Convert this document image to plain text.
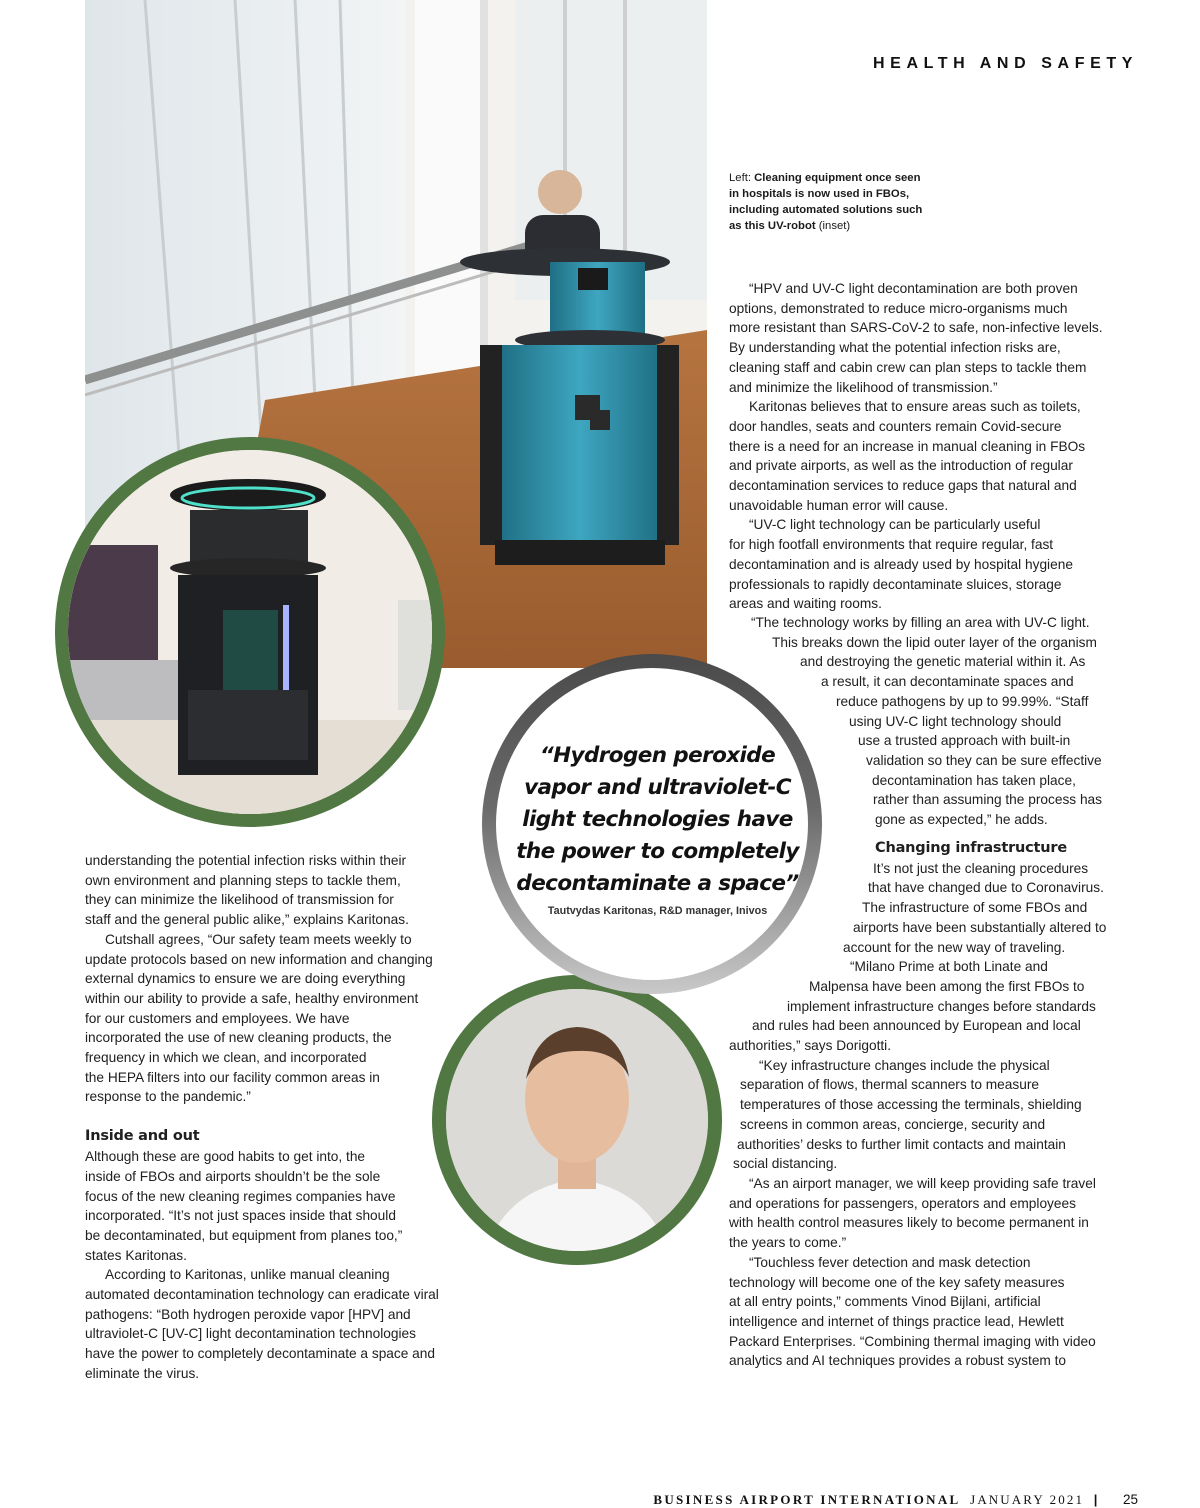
HEALTH AND SAFETY
Left: Cleaning equipment once seen
in hospitals is now used in FBOs,
including automated solutions such
as this UV-robot (inset)
“Hydrogen peroxide
vapor and ultraviolet-C
light technologies have
the power to completely
decontaminate a space”
Tautvydas Karitonas, R&D manager, Inivos

understanding the potential infection risks within their
own environment and planning steps to tackle them,
they can minimize the likelihood of transmission for
staff and the general public alike,” explains Karitonas.

Cutshall agrees, “Our safety team meets weekly to
update protocols based on new information and changing
external dynamics to ensure we are doing everything
within our ability to provide a safe, healthy environment
for our customers and employees. We have
incorporated the use of new cleaning products, the
frequency in which we clean, and incorporated
the HEPA filters into our facility common areas in
response to the pandemic.”

Inside and out

Although these are good habits to get into, the
inside of FBOs and airports shouldn’t be the sole
focus of the new cleaning regimes companies have
incorporated. “It’s not just spaces inside that should
be decontaminated, but equipment from planes too,”
states Karitonas.

According to Karitonas, unlike manual cleaning
automated decontamination technology can eradicate viral
pathogens: “Both hydrogen peroxide vapor [HPV] and
ultraviolet-C [UV-C] light decontamination technologies
have the power to completely decontaminate a space and
eliminate the virus.

“HPV and UV-C light decontamination are both proven
options, demonstrated to reduce micro-organisms much
more resistant than SARS-CoV-2 to safe, non-infective levels.
By understanding what the potential infection risks are,
cleaning staff and cabin crew can plan steps to tackle them
and minimize the likelihood of transmission.”

Karitonas believes that to ensure areas such as toilets,
door handles, seats and counters remain Covid-secure
there is a need for an increase in manual cleaning in FBOs
and private airports, as well as the introduction of regular
decontamination services to reduce gaps that natural and
unavoidable human error will cause.

“UV-C light technology can be particularly useful
for high footfall environments that require regular, fast
decontamination and is already used by hospital hygiene
professionals to rapidly decontaminate sluices, storage
areas and waiting rooms.

“The technology works by filling an area with UV-C light.
This breaks down the lipid outer layer of the organism
and destroying the genetic material within it. As
a result, it can decontaminate spaces and
reduce pathogens by up to 99.99%. “Staff
using UV-C light technology should
use a trusted approach with built-in
validation so they can be sure effective
decontamination has taken place,
rather than assuming the process has
gone as expected,” he adds.

Changing infrastructure

It’s not just the cleaning procedures
that have changed due to Coronavirus.
The infrastructure of some FBOs and
airports have been substantially altered to
account for the new way of traveling.

“Milano Prime at both Linate and
Malpensa have been among the first FBOs to
implement infrastructure changes before standards
and rules had been announced by European and local
authorities,” says Dorigotti.

“Key infrastructure changes include the physical
separation of flows, thermal scanners to measure
temperatures of those accessing the terminals, shielding
screens in common areas, concierge, security and
authorities’ desks to further limit contacts and maintain
social distancing.

“As an airport manager, we will keep providing safe travel
and operations for passengers, operators and employees
with health control measures likely to become permanent in
the years to come.”

“Touchless fever detection and mask detection
technology will become one of the key safety measures
at all entry points,” comments Vinod Bijlani, artificial
intelligence and internet of things practice lead, Hewlett
Packard Enterprises. “Combining thermal imaging with video
analytics and AI techniques provides a robust system to

BUSINESS AIRPORT INTERNATIONAL JANUARY 2021 | 25
